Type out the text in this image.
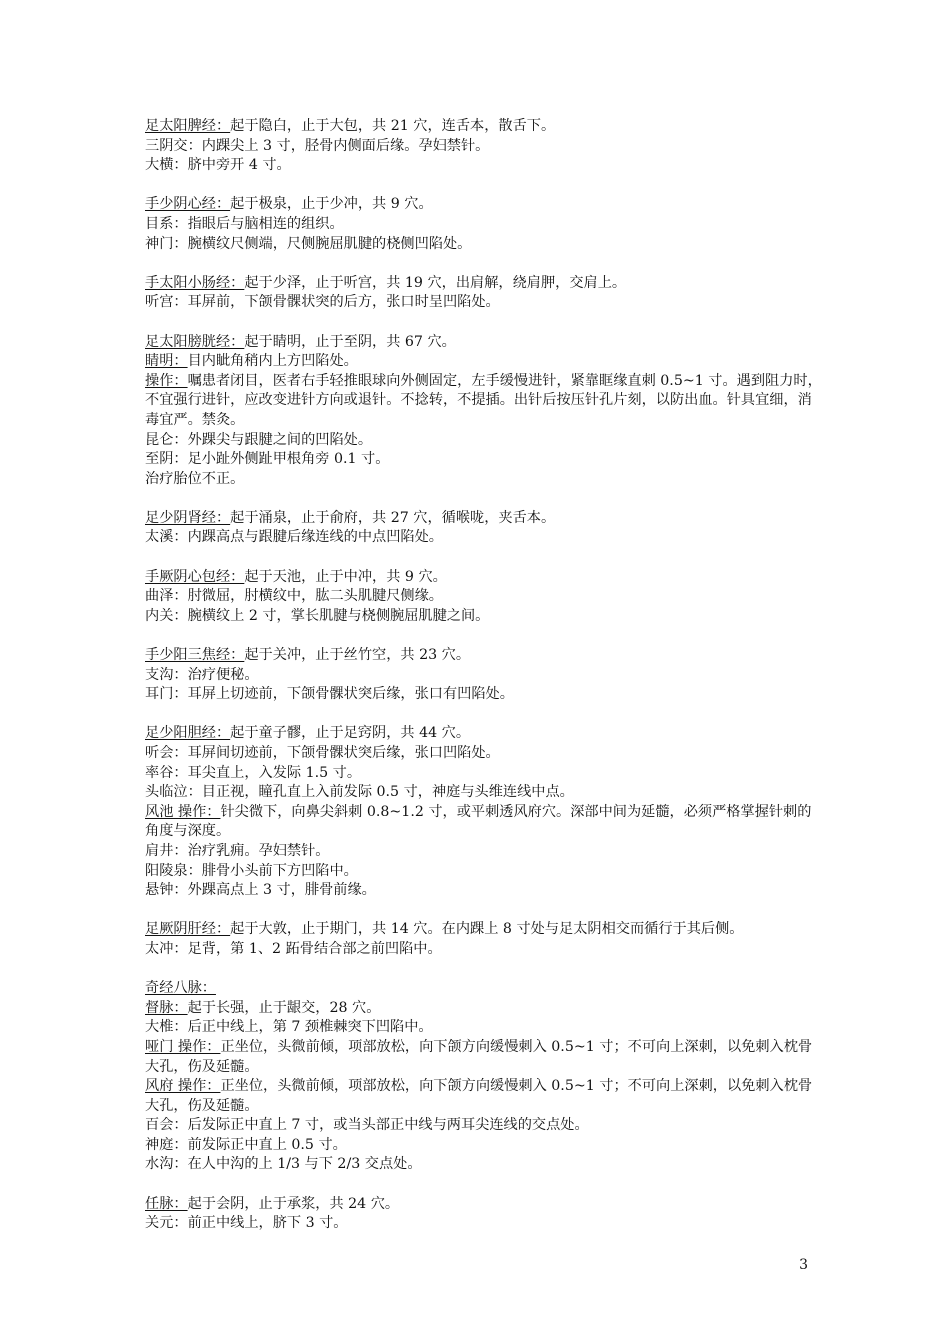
足太阳脾经：起于隐白，止于大包，共 21 穴，连舌本，散舌下。
三阴交：内踝尖上 3 寸，胫骨内侧面后缘。孕妇禁针。
大横：脐中旁开 4 寸。
手少阴心经：起于极泉，止于少冲，共 9 穴。
目系：指眼后与脑相连的组织。
神门：腕横纹尺侧端，尺侧腕屈肌腱的桡侧凹陷处。
手太阳小肠经：起于少泽，止于听宫，共 19 穴，出肩解，绕肩胛，交肩上。
听宫：耳屏前，下颌骨髁状突的后方，张口时呈凹陷处。
足太阳膀胱经：起于睛明，止于至阴，共 67 穴。
睛明：目内眦角稍内上方凹陷处。
操作：嘱患者闭目，医者右手轻推眼球向外侧固定，左手缓慢进针，紧靠眶缘直刺 0.5~1 寸。遇到阻力时，不宜强行进针，应改变进针方向或退针。不捻转，不提插。出针后按压针孔片刻，以防出血。针具宜细，消毒宜严。禁灸。
昆仑：外踝尖与跟腱之间的凹陷处。
至阴：足小趾外侧趾甲根角旁 0.1 寸。
治疗胎位不正。
足少阴肾经：起于涌泉，止于俞府，共 27 穴，循喉咙，夹舌本。
太溪：内踝高点与跟腱后缘连线的中点凹陷处。
手厥阴心包经：起于天池，止于中冲，共 9 穴。
曲泽：肘微屈，肘横纹中，肱二头肌腱尺侧缘。
内关：腕横纹上 2 寸，掌长肌腱与桡侧腕屈肌腱之间。
手少阳三焦经：起于关冲，止于丝竹空，共 23 穴。
支沟：治疗便秘。
耳门：耳屏上切迹前，下颌骨髁状突后缘，张口有凹陷处。
足少阳胆经：起于童子髎，止于足窍阴，共 44 穴。
听会：耳屏间切迹前，下颌骨髁状突后缘，张口凹陷处。
率谷：耳尖直上，入发际 1.5 寸。
头临泣：目正视，瞳孔直上入前发际 0.5 寸，神庭与头维连线中点。
风池 操作：针尖微下，向鼻尖斜刺 0.8~1.2 寸，或平刺透风府穴。深部中间为延髓，必须严格掌握针刺的角度与深度。
肩井：治疗乳痈。孕妇禁针。
阳陵泉：腓骨小头前下方凹陷中。
悬钟：外踝高点上 3 寸，腓骨前缘。
足厥阴肝经：起于大敦，止于期门，共 14 穴。在内踝上 8 寸处与足太阴相交而循行于其后侧。
太冲：足背，第 1、2 跖骨结合部之前凹陷中。
奇经八脉：
督脉：起于长强，止于龈交，28 穴。
大椎：后正中线上，第 7 颈椎棘突下凹陷中。
哑门 操作：正坐位，头微前倾，项部放松，向下颌方向缓慢刺入 0.5~1 寸；不可向上深刺，以免刺入枕骨大孔，伤及延髓。
风府 操作：正坐位，头微前倾，项部放松，向下颌方向缓慢刺入 0.5~1 寸；不可向上深刺，以免刺入枕骨大孔，伤及延髓。
百会：后发际正中直上 7 寸，或当头部正中线与两耳尖连线的交点处。
神庭：前发际正中直上 0.5 寸。
水沟：在人中沟的上 1/3 与下 2/3 交点处。
任脉：起于会阴，止于承浆，共 24 穴。
关元：前正中线上，脐下 3 寸。
3
